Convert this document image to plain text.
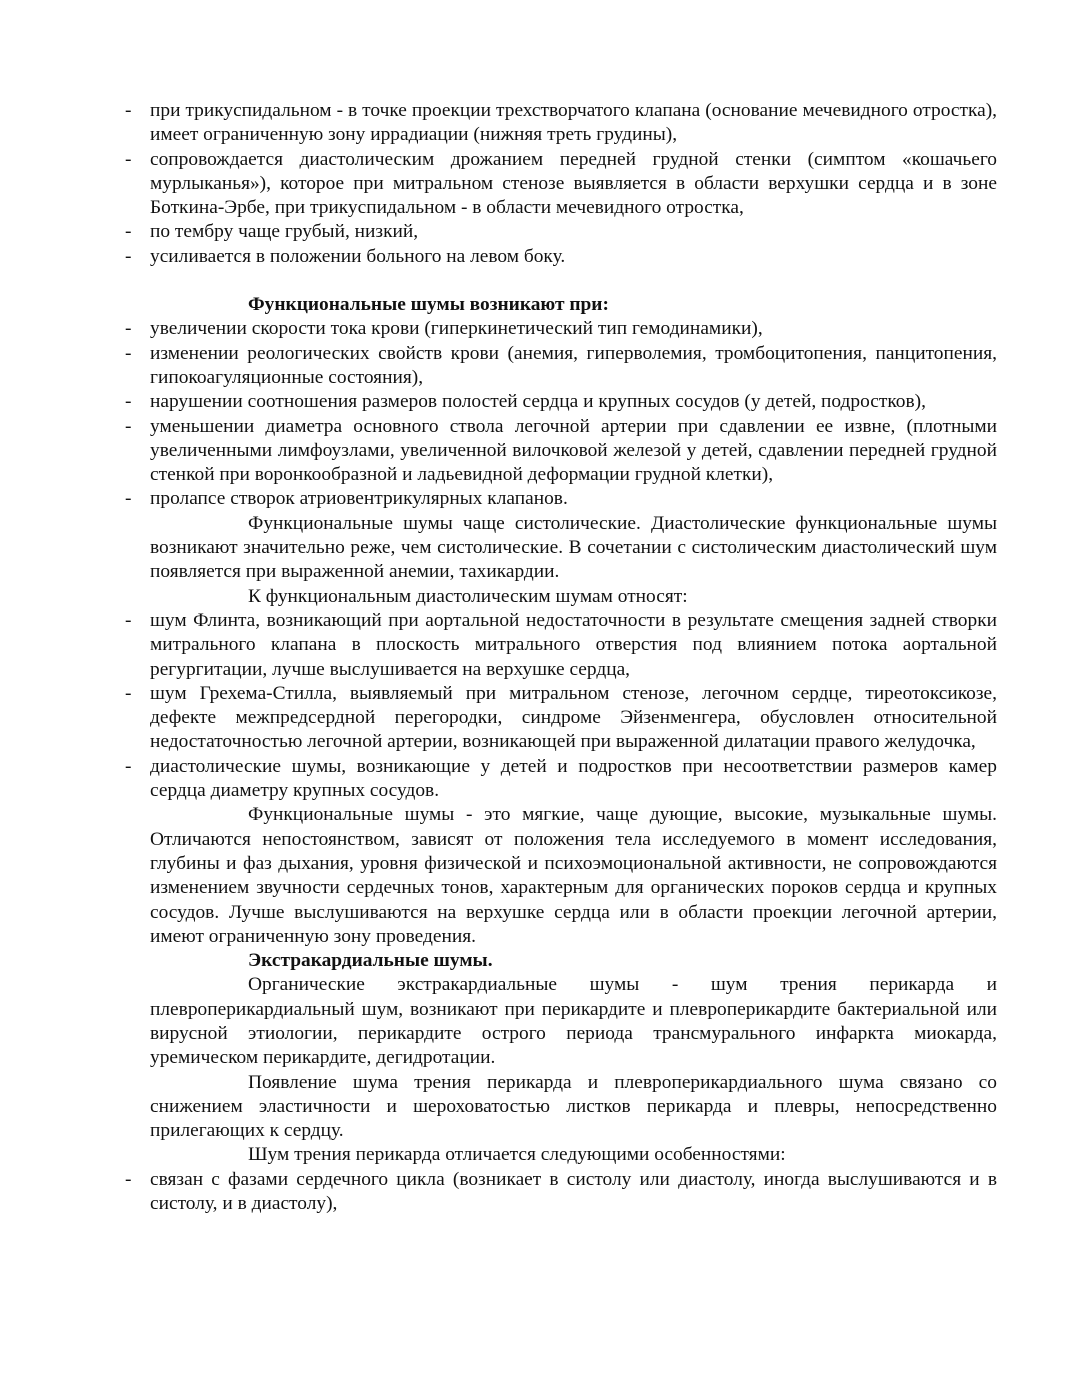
- при трикуспидальном - в точке проекции трехстворчатого клапана (основание мечевидного отростка), имеет ограниченную зону иррадиации (нижняя треть грудины),
- сопровождается диастолическим дрожанием передней грудной стенки (симптом «кошачьего мурлыканья»), которое при митральном стенозе выявляется в области верхушки сердца и в зоне Боткина-Эрбе, при трикуспидальном - в области мечевидного отростка,
- по тембру чаще грубый, низкий,
- усиливается в положении больного на левом боку.
Функциональные шумы возникают при:
- увеличении скорости тока крови (гиперкинетический тип гемодинамики),
- изменении реологических свойств крови (анемия, гиперволемия, тромбоцитопения, панцитопения, гипокоагуляционные состояния),
- нарушении соотношения размеров полостей сердца и крупных сосудов (у детей, подростков),
- уменьшении диаметра основного ствола легочной артерии при сдавлении ее извне, (плотными увеличенными лимфоузлами, увеличенной вилочковой железой у детей, сдавлении передней грудной стенкой при воронкообразной и ладьевидной деформации грудной клетки),
- пролапсе створок атриовентрикулярных клапанов.
Функциональные шумы чаще систолические. Диастолические функциональные шумы возникают значительно реже, чем систолические. В сочетании с систолическим диастолический шум появляется при выраженной анемии, тахикардии.
К функциональным диастолическим шумам относят:
- шум Флинта, возникающий при аортальной недостаточности в результате смещения задней створки митрального клапана в плоскость митрального отверстия под влиянием потока аортальной регургитации, лучше выслушивается на верхушке сердца,
- шум Грехема-Стилла, выявляемый при митральном стенозе, легочном сердце, тиреотоксикозе, дефекте межпредсердной перегородки, синдроме Эйзенменгера, обусловлен относительной недостаточностью легочной артерии, возникающей при выраженной дилатации правого желудочка,
- диастолические шумы, возникающие у детей и подростков при несоответствии размеров камер сердца диаметру крупных сосудов.
Функциональные шумы - это мягкие, чаще дующие, высокие, музыкальные шумы. Отличаются непостоянством, зависят от положения тела исследуемого в момент исследования, глубины и фаз дыхания, уровня физической и психоэмоциональной активности, не сопровождаются изменением звучности сердечных тонов, характерным для органических пороков сердца и крупных сосудов. Лучше выслушиваются на верхушке сердца или в области проекции легочной артерии, имеют ограниченную зону проведения.
Экстракардиальные шумы.
Органические экстракардиальные шумы - шум трения перикарда и плевроперикардиальный шум, возникают при перикардите и плевроперикардите бактериальной или вирусной этиологии, перикардите острого периода трансмурального инфаркта миокарда, уремическом перикардите, дегидротации.
Появление шума трения перикарда и плевроперикардиального шума связано со снижением эластичности и шероховатостью листков перикарда и плевры, непосредственно прилегающих к сердцу.
Шум трения перикарда отличается следующими особенностями:
- связан с фазами сердечного цикла (возникает в систолу или диастолу, иногда выслушиваются и в систолу, и в диастолу),
